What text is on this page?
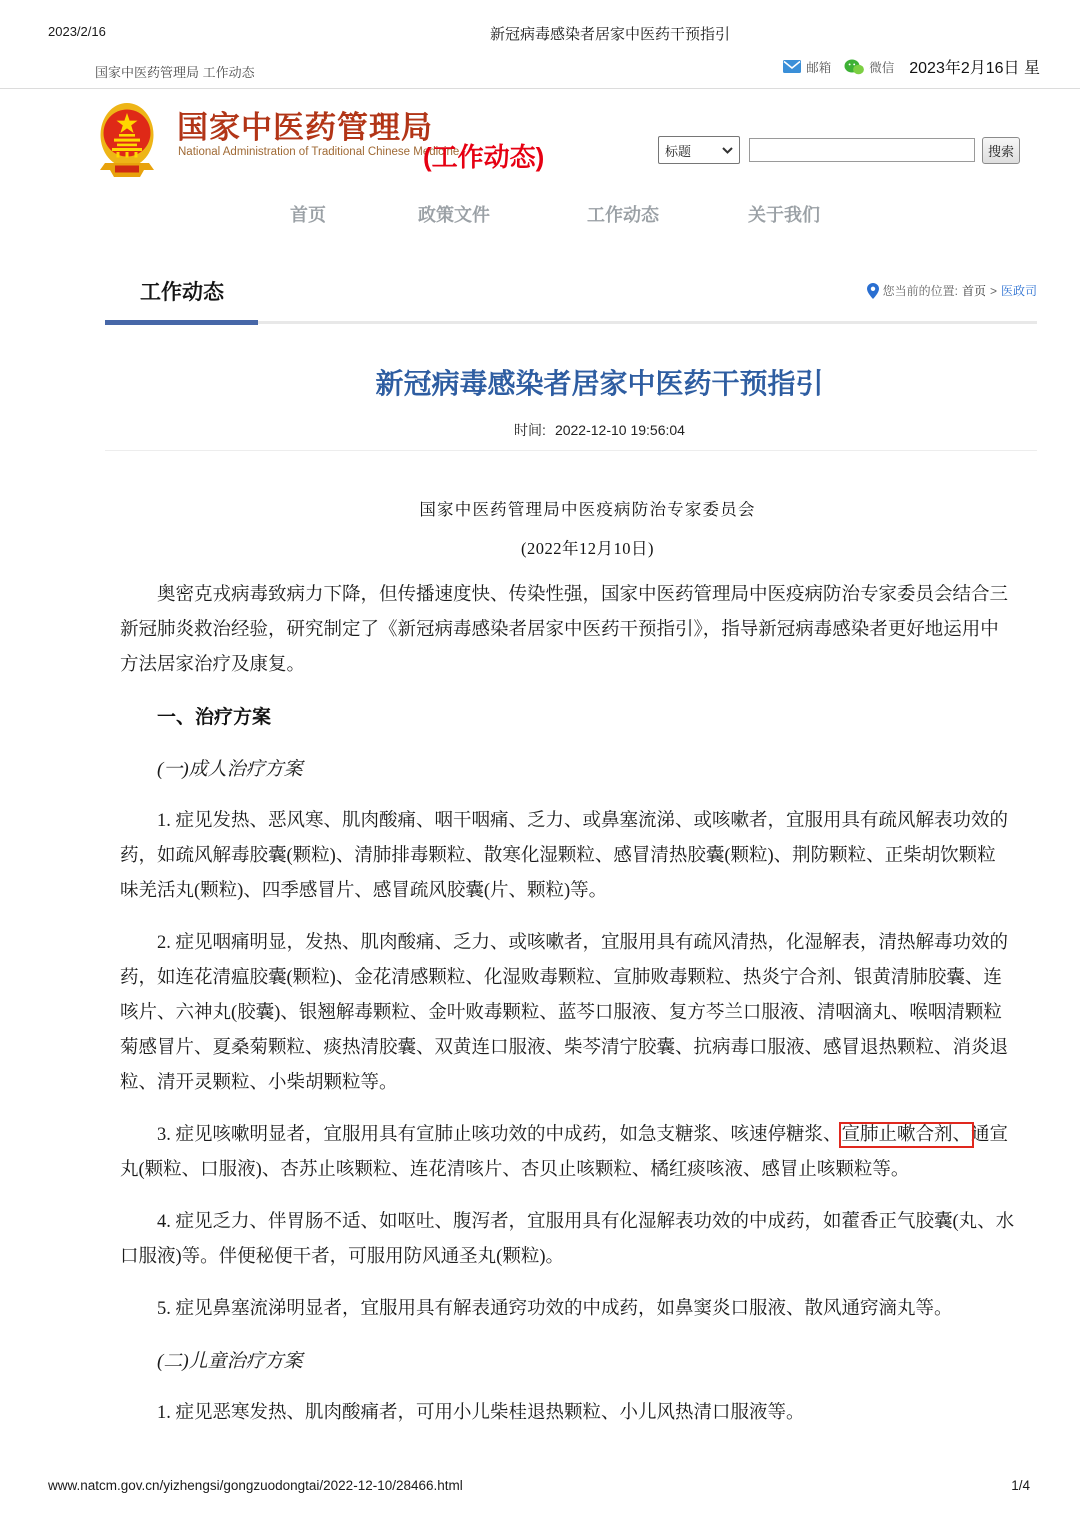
2023/2/16	新冠病毒感染者居家中医药干预指引
国家中医药管理局 工作动态	邮箱	微信 2023年2月16日 星
国家中医药管理局
National Administration of Traditional Chinese Medicine
(工作动态)	标题	搜索
首页	政策文件	工作动态	关于我们
工作动态	您当前的位置: 首页 > 医政司
新冠病毒感染者居家中医药干预指引
时间: 2022-12-10 19:56:04
国家中医药管理局中医疫病防治专家委员会
(2022年12月10日)
奥密克戎病毒致病力下降，但传播速度快、传染性强，国家中医药管理局中医疫病防治专家委员会结合三
新冠肺炎救治经验，研究制定了《新冠病毒感染者居家中医药干预指引》，指导新冠病毒感染者更好地运用中
方法居家治疗及康复。
一、治疗方案
(一)成人治疗方案
1. 症见发热、恶风寒、肌肉酸痛、咽干咽痛、乏力、或鼻塞流涕、或咳嗽者，宜服用具有疏风解表功效的
药，如疏风解毒胶囊(颗粒)、清肺排毒颗粒、散寒化湿颗粒、感冒清热胶囊(颗粒)、荆防颗粒、正柴胡饮颗粒
味羌活丸(颗粒)、四季感冒片、感冒疏风胶囊(片、颗粒)等。
2. 症见咽痛明显，发热、肌肉酸痛、乏力、或咳嗽者，宜服用具有疏风清热，化湿解表，清热解毒功效的
药，如连花清瘟胶囊(颗粒)、金花清感颗粒、化湿败毒颗粒、宣肺败毒颗粒、热炎宁合剂、银黄清肺胶囊、连
咳片、六神丸(胶囊)、银翘解毒颗粒、金叶败毒颗粒、蓝芩口服液、复方芩兰口服液、清咽滴丸、喉咽清颗粒
菊感冒片、夏桑菊颗粒、痰热清胶囊、双黄连口服液、柴芩清宁胶囊、抗病毒口服液、感冒退热颗粒、消炎退
粒、清开灵颗粒、小柴胡颗粒等。
3. 症见咳嗽明显者，宜服用具有宣肺止咳功效的中成药，如急支糖浆、咳速停糖浆、宣肺止嗽合剂、通宣
丸(颗粒、口服液)、杏苏止咳颗粒、连花清咳片、杏贝止咳颗粒、橘红痰咳液、感冒止咳颗粒等。
4. 症见乏力、伴胃肠不适、如呕吐、腹泻者，宜服用具有化湿解表功效的中成药，如藿香正气胶囊(丸、水
口服液)等。伴便秘便干者，可服用防风通圣丸(颗粒)。
5. 症见鼻塞流涕明显者，宜服用具有解表通窍功效的中成药，如鼻窦炎口服液、散风通窍滴丸等。
(二)儿童治疗方案
1. 症见恶寒发热、肌肉酸痛者，可用小儿柴桂退热颗粒、小儿风热清口服液等。
www.natcm.gov.cn/yizhengsi/gongzuodongtai/2022-12-10/28466.html	1/4
